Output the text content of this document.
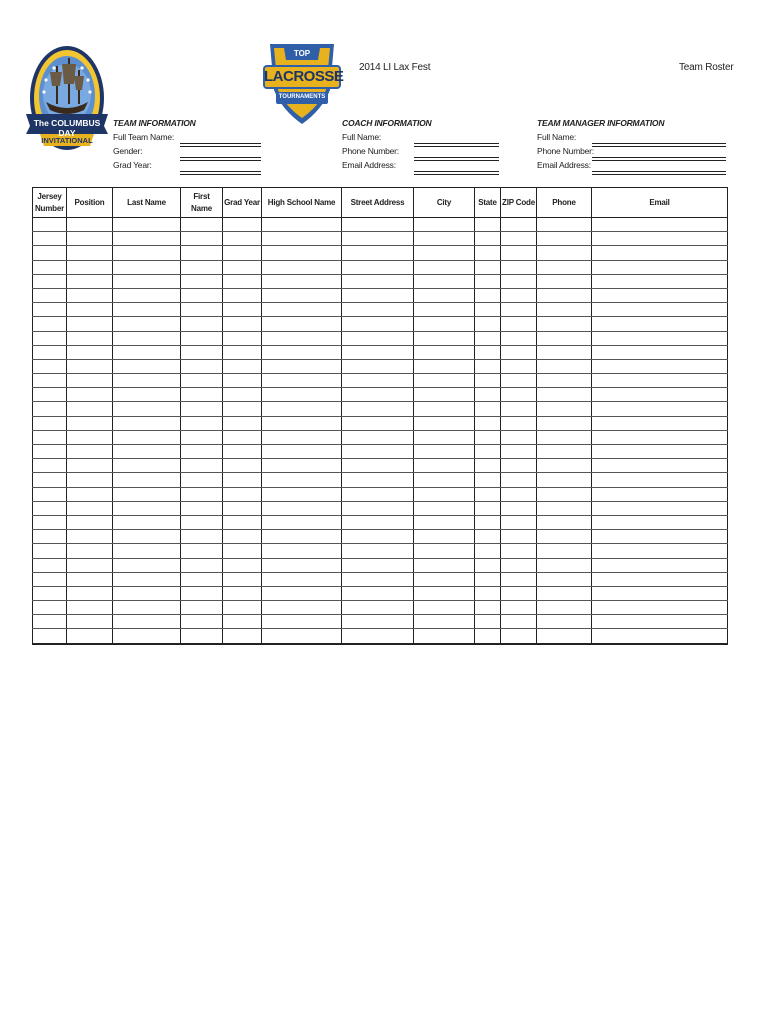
The COLUMBUS DAY
INVITATIONAL
TOP
LACROSSE
TOURNAMENTS
2014 LI Lax Fest	Team Roster
TEAM INFORMATION
Full Team Name:
Gender:
Grad Year:
COACH INFORMATION
Full Name:
Phone Number:
Email Address:
TEAM MANAGER INFORMATION
Full Name:
Phone Number:
Email Address:
Jersey Number	Position	Last Name	First Name	Grad Year	High School Name	Street Address	City	State	ZIP Code	Phone	Email
